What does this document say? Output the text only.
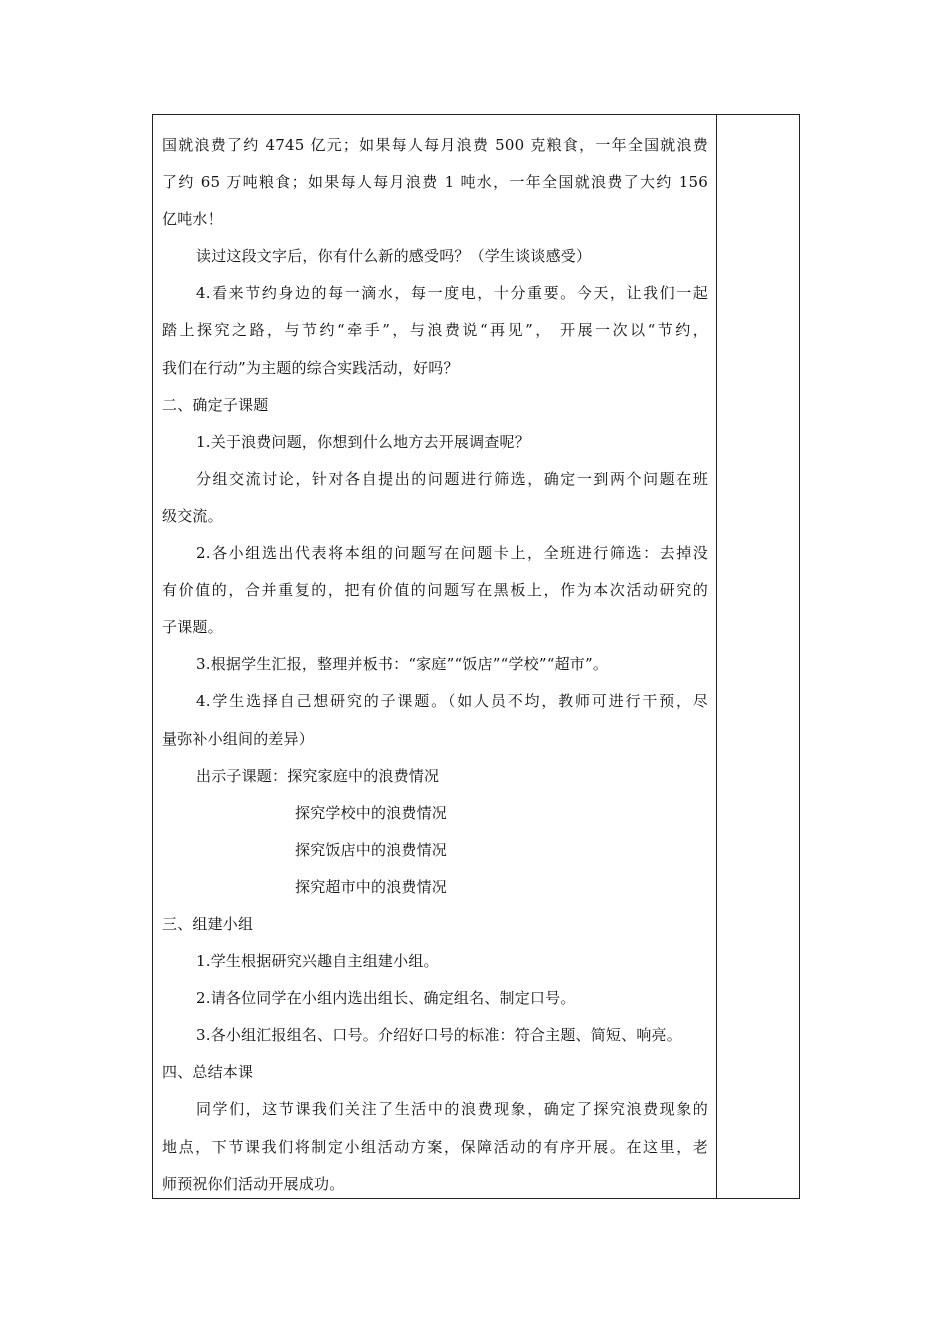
国就浪费了约 4745 亿元；如果每人每月浪费 500 克粮食，一年全国就浪费
了约 65 万吨粮食；如果每人每月浪费 1 吨水，一年全国就浪费了大约 156
亿吨水！
读过这段文字后，你有什么新的感受吗？（学生谈谈感受）
4.看来节约身边的每一滴水，每一度电，十分重要。今天，让我们一起
踏上探究之路，与节约“牵手”，与浪费说“再见”， 开展一次以“节约，
我们在行动”为主题的综合实践活动，好吗？
二、确定子课题
1.关于浪费问题，你想到什么地方去开展调查呢？
分组交流讨论，针对各自提出的问题进行筛选，确定一到两个问题在班
级交流。
2.各小组选出代表将本组的问题写在问题卡上，全班进行筛选：去掉没
有价值的，合并重复的，把有价值的问题写在黑板上，作为本次活动研究的
子课题。
3.根据学生汇报，整理并板书：“家庭”“饭店”“学校”“超市”。
4.学生选择自己想研究的子课题。（如人员不均，教师可进行干预，尽
量弥补小组间的差异）
出示子课题：探究家庭中的浪费情况
探究学校中的浪费情况
探究饭店中的浪费情况
探究超市中的浪费情况
三、组建小组
1.学生根据研究兴趣自主组建小组。
2.请各位同学在小组内选出组长、确定组名、制定口号。
3.各小组汇报组名、口号。介绍好口号的标准：符合主题、简短、响亮。
四、总结本课
同学们，这节课我们关注了生活中的浪费现象，确定了探究浪费现象的
地点，下节课我们将制定小组活动方案，保障活动的有序开展。在这里，老
师预祝你们活动开展成功。
